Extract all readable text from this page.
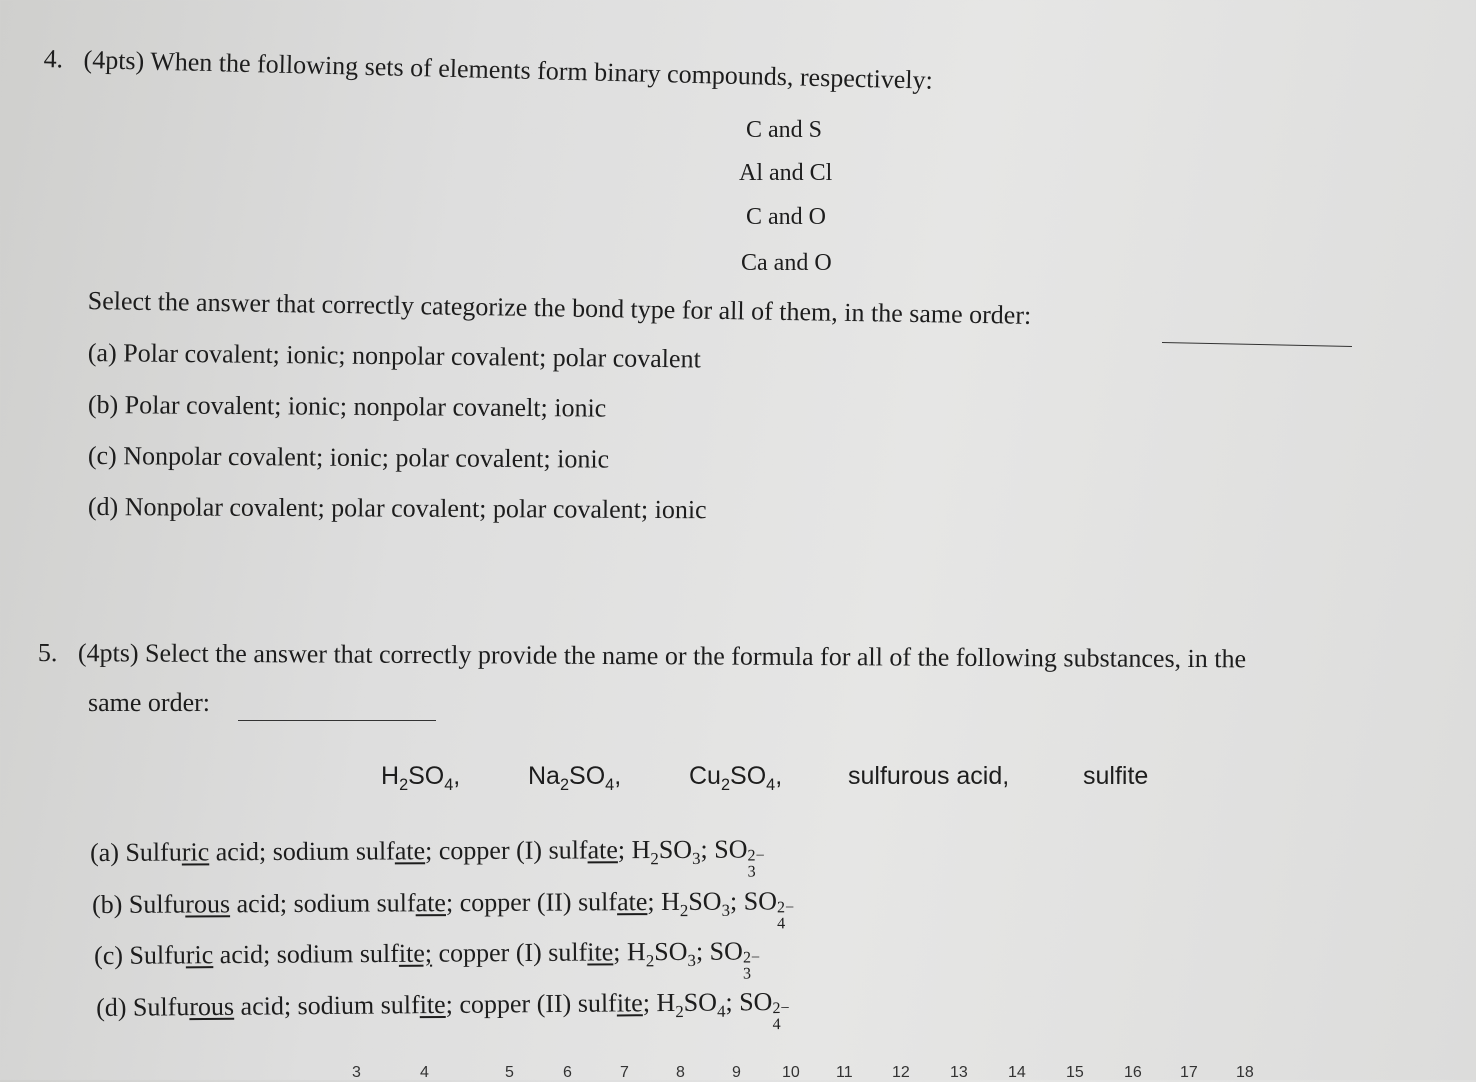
4. (4pts) When the following sets of elements form binary compounds, respectively:
C and S
Al and Cl
C and O
Ca and O
Select the answer that correctly categorize the bond type for all of them, in the same order:
(a) Polar covalent; ionic; nonpolar covalent; polar covalent
(b) Polar covalent; ionic; nonpolar covanelt; ionic
(c) Nonpolar covalent; ionic; polar covalent; ionic
(d) Nonpolar covalent; polar covalent; polar covalent; ionic
5. (4pts) Select the answer that correctly provide the name or the formula for all of the following substances, in the
same order:
$H_2SO_4$,	$Na_2SO_4$,	$Cu_2SO_4$,	sulfurous acid,	sulfite
(a) Sulfuric acid; sodium sulfate; copper (I) sulfate; $H_2SO_3$; SO 2−
3
(b) Sulfurous acid; sodium sulfate; copper (II) sulfate; $H_2SO_3$; SO 2−
4
(c) Sulfuric acid; sodium sulfite; copper (I) sulfite; $H_2SO_3$; SO 2−
3
(d) Sulfurous acid; sodium sulfite; copper (II) sulfite; $H_2SO_4$; SO 2−
4
3	4	5	6	7	8	9	10 11 12	13	14	15	16 17 18
